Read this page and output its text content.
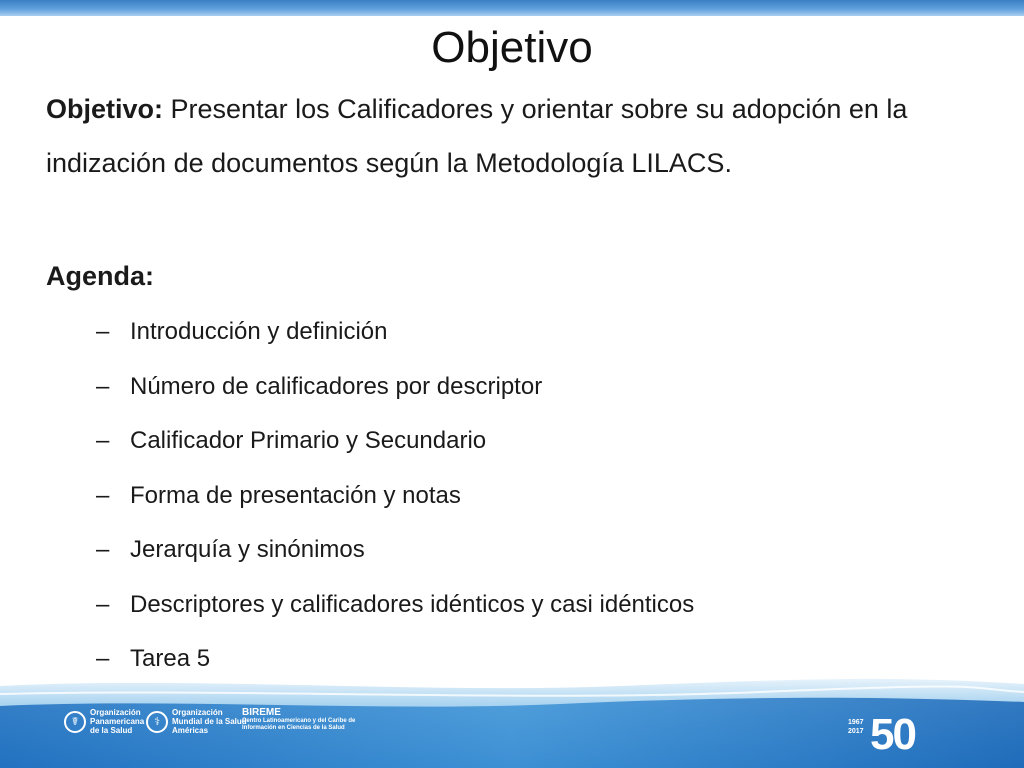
Objetivo
Objetivo: Presentar los Calificadores y orientar sobre su adopción en la indización de documentos según la Metodología LILACS.
Agenda:
– Introducción y definición
– Número de calificadores por descriptor
– Calificador Primario y Secundario
– Forma de presentación y notas
– Jerarquía y sinónimos
– Descriptores y calificadores idénticos y casi idénticos
– Tarea 5
☤
Organización
Panamericana
de la Salud
⚕
Organización
Mundial de la Salud
Américas
BIREME
Centro Latinoamericano y del Caribe de
Información en Ciencias de la Salud
1967
2017 50
